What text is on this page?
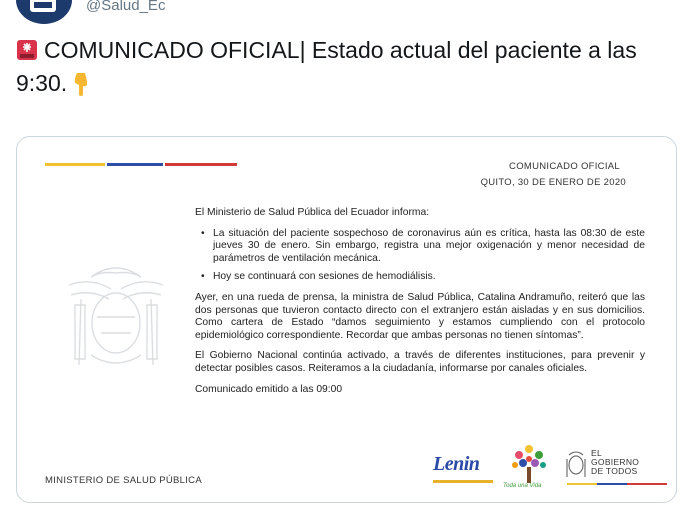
@Salud_Ec
COMUNICADO OFICIAL| Estado actual del paciente a las 9:30.
COMUNICADO OFICIAL
QUITO, 30 DE ENERO DE 2020

El Ministerio de Salud Pública del Ecuador informa:

• La situación del paciente sospechoso de coronavirus aún es crítica, hasta las 08:30 de este jueves 30 de enero. Sin embargo, registra una mejor oxigenación y menor necesidad de parámetros de ventilación mecánica.
• Hoy se continuará con sesiones de hemodiálisis.

Ayer, en una rueda de prensa, la ministra de Salud Pública, Catalina Andramuño, reiteró que las dos personas que tuvieron contacto directo con el extranjero están aisladas y en sus domicilios. Como cartera de Estado “damos seguimiento y estamos cumpliendo con el protocolo epidemiológico correspondiente. Recordar que ambas personas no tienen síntomas”.

El Gobierno Nacional continúa activado, a través de diferentes instituciones, para prevenir y detectar posibles casos. Reiteramos a la ciudadanía, informarse por canales oficiales.

Comunicado emitido a las 09:00

MINISTERIO DE SALUD PÚBLICA
Lenin
Toda una Vida
EL
GOBIERNO
DE TODOS
